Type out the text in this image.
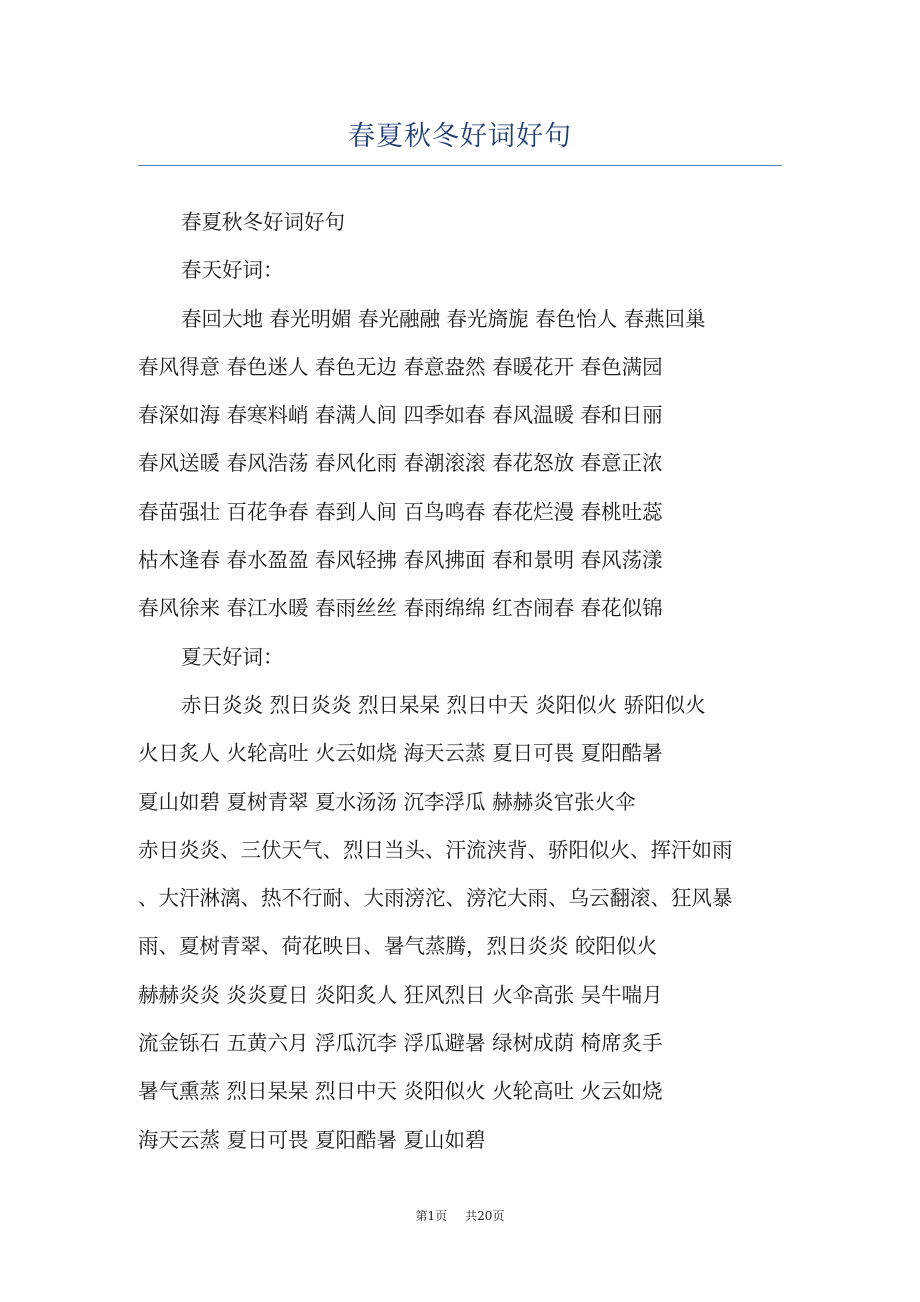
春夏秋冬好词好句
春夏秋冬好词好句
春天好词：
春回大地 春光明媚 春光融融 春光旖旎 春色怡人 春燕回巢
春风得意 春色迷人 春色无边 春意盎然 春暖花开 春色满园
春深如海 春寒料峭 春满人间 四季如春 春风温暖 春和日丽
春风送暖 春风浩荡 春风化雨 春潮滚滚 春花怒放 春意正浓
春苗强壮 百花争春 春到人间 百鸟鸣春 春花烂漫 春桃吐蕊
枯木逢春 春水盈盈 春风轻拂 春风拂面 春和景明 春风荡漾
春风徐来 春江水暖 春雨丝丝 春雨绵绵 红杏闹春 春花似锦
夏天好词：
赤日炎炎 烈日炎炎 烈日杲杲 烈日中天 炎阳似火 骄阳似火
火日炙人 火轮高吐 火云如烧 海天云蒸 夏日可畏 夏阳酷暑
夏山如碧 夏树青翠 夏水汤汤 沉李浮瓜 赫赫炎官张火伞
赤日炎炎、三伏天气、烈日当头、汗流浃背、骄阳似火、挥汗如雨
、大汗淋漓、热不行耐、大雨滂沱、滂沱大雨、乌云翻滚、狂风暴
雨、夏树青翠、荷花映日、暑气蒸腾，烈日炎炎 皎阳似火
赫赫炎炎 炎炎夏日 炎阳炙人 狂风烈日 火伞高张 吴牛喘月
流金铄石 五黄六月 浮瓜沉李 浮瓜避暑 绿树成荫 椅席炙手
暑气熏蒸 烈日杲杲 烈日中天 炎阳似火 火轮高吐 火云如烧
海天云蒸 夏日可畏 夏阳酷暑 夏山如碧
第1页 共20页
